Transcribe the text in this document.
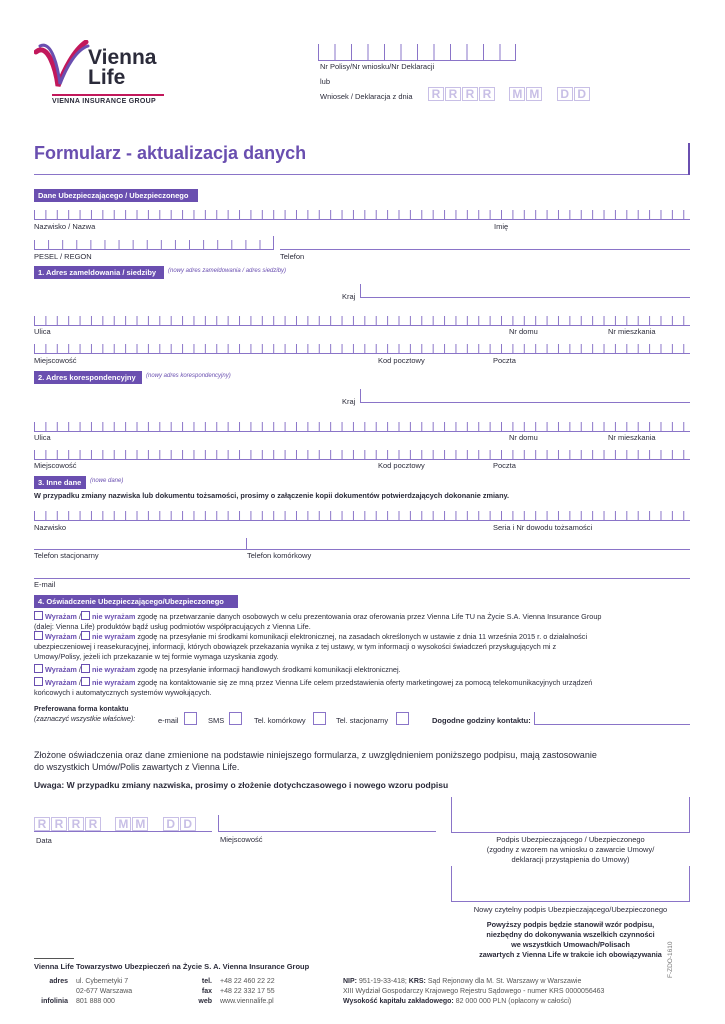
Vienna
Life
VIENNA INSURANCE GROUP
Nr Polisy/Nr wniosku/Nr Deklaracji
lub
Wniosek / Deklaracja z dnia	R R R R M M D D
Formularz - aktualizacja danych
Dane Ubezpieczającego / Ubezpieczonego
Nazwisko / Nazwa	Imię
PESEL / REGON	Telefon
1. Adres zameldowania / siedziby	(nowy adres zameldowania / adres siedziby)
Kraj
Ulica	Nr domu	Nr mieszkania
Miejscowość	Kod pocztowy	Poczta
2. Adres korespondencyjny	(nowy adres korespondencyjny)
Kraj
Ulica	Nr domu	Nr mieszkania
Miejscowość	Kod pocztowy	Poczta
3. Inne dane	(nowe dane)
W przypadku zmiany nazwiska lub dokumentu tożsamości, prosimy o załączenie kopii dokumentów potwierdzających dokonanie zmiany.
Nazwisko	Seria i Nr dowodu tożsamości
Telefon stacjonarny	Telefon komórkowy
E-mail
4. Oświadczenie Ubezpieczającego/Ubezpieczonego
Wyrażam / nie wyrażam zgodę na przetwarzanie danych osobowych w celu prezentowania oraz oferowania przez Vienna Life TU na Życie S.A. Vienna Insurance Group
(dalej: Vienna Life) produktów bądź usług podmiotów współpracujących z Vienna Life.
Wyrażam / nie wyrażam zgodę na przesyłanie mi środkami komunikacji elektronicznej, na zasadach określonych w ustawie z dnia 11 września 2015 r. o działalności
ubezpieczeniowej i reasekuracyjnej, informacji, których obowiązek przekazania wynika z tej ustawy, w tym informacji o wysokości świadczeń przysługujących mi z
Umowy/Polisy, jeżeli ich przekazanie w tej formie wymaga uzyskania zgody.
Wyrażam / nie wyrażam zgodę na przesyłanie informacji handlowych środkami komunikacji elektronicznej.
Wyrażam / nie wyrażam zgodę na kontaktowanie się ze mną przez Vienna Life celem przedstawienia oferty marketingowej za pomocą telekomunikacyjnych urządzeń
końcowych i automatycznych systemów wywołujących.
Preferowana forma kontaktu
(zaznaczyć wszystkie właściwe):	e-mail	SMS	Tel. komórkowy	Tel. stacjonarny	Dogodne godziny kontaktu:
Złożone oświadczenia oraz dane zmienione na podstawie niniejszego formularza, z uwzględnieniem poniższego podpisu, mają zastosowanie
do wszystkich Umów/Polis zawartych z Vienna Life.
Uwaga: W przypadku zmiany nazwiska, prosimy o złożenie dotychczasowego i nowego wzoru podpisu
R R R R M M D D
Data	Miejscowość	Podpis Ubezpieczającego / Ubezpieczonego
(zgodny z wzorem na wniosku o zawarcie Umowy/
deklaracji przystąpienia do Umowy)
Nowy czytelny podpis Ubezpieczającego/Ubezpieczonego
Powyższy podpis będzie stanowił wzór podpisu,
niezbędny do dokonywania wszelkich czynności
we wszystkich Umowach/Polisach
zawartych z Vienna Life w trakcie ich obowiązywania
Vienna Life Towarzystwo Ubezpieczeń na Życie S. A. Vienna Insurance Group
adres ul. Cybernetyki 7
02-677 Warszawa
infolinia 801 888 000
tel. +48 22 460 22 22
fax +48 22 332 17 55
web www.viennalife.pl
NIP: 951-19-33-418; KRS: Sąd Rejonowy dla M. St. Warszawy w Warszawie
XIII Wydział Gospodarczy Krajowego Rejestru Sądowego - numer KRS 0000056463
Wysokość kapitału zakładowego: 82 000 000 PLN (opłacony w całości)
F-ZDO-1610
